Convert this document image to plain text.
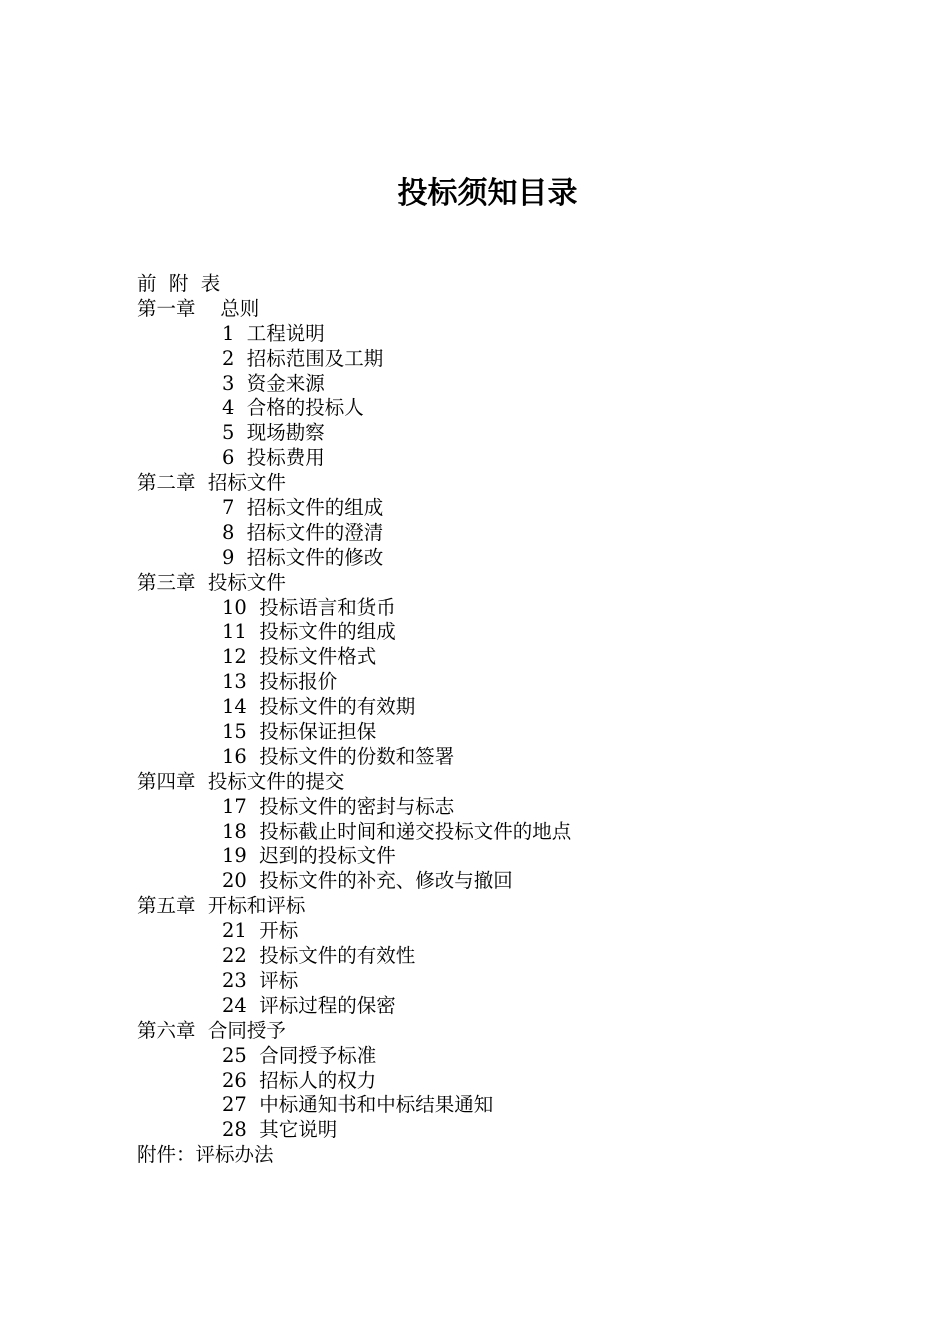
投标须知目录
前  附  表
第一章    总则
1  工程说明
2  招标范围及工期
3  资金来源
4  合格的投标人
5  现场勘察
6  投标费用
第二章  招标文件
7  招标文件的组成
8  招标文件的澄清
9  招标文件的修改
第三章  投标文件
10  投标语言和货币
11  投标文件的组成
12  投标文件格式
13  投标报价
14  投标文件的有效期
15  投标保证担保
16  投标文件的份数和签署
第四章  投标文件的提交
17  投标文件的密封与标志
18  投标截止时间和递交投标文件的地点
19  迟到的投标文件
20  投标文件的补充、修改与撤回
第五章  开标和评标
21  开标
22  投标文件的有效性
23  评标
24  评标过程的保密
第六章  合同授予
25  合同授予标准
26  招标人的权力
27  中标通知书和中标结果通知
28  其它说明
附件：评标办法
